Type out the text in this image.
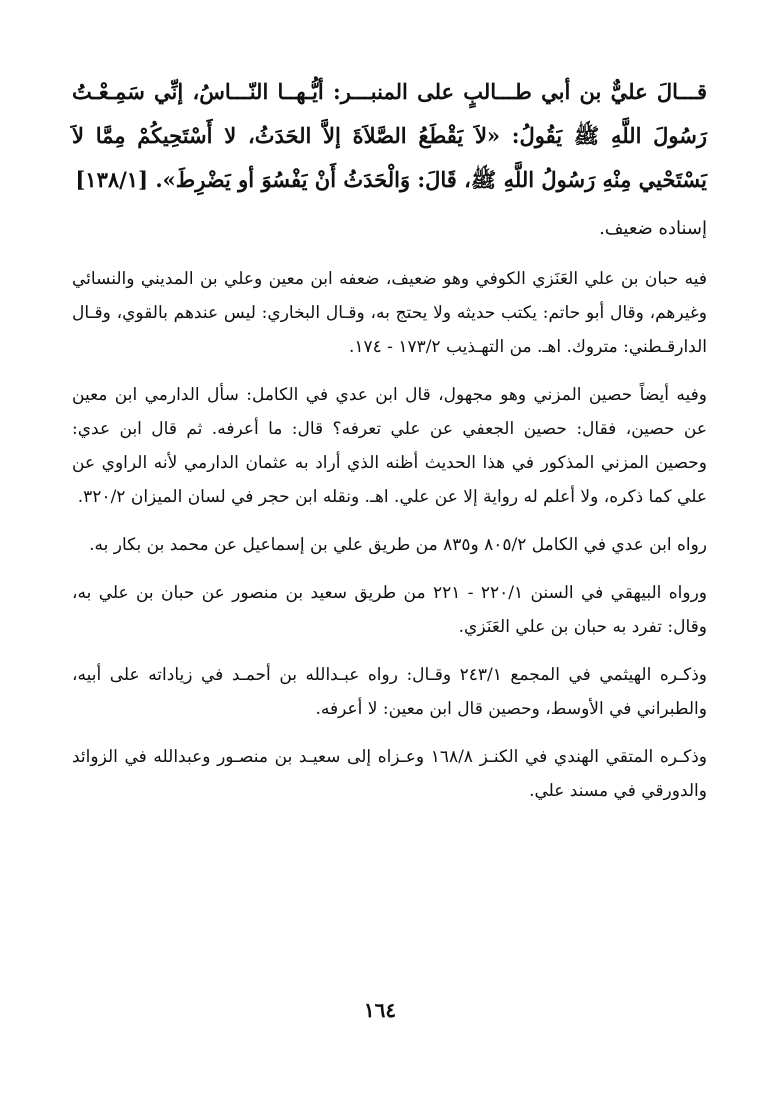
قـــالَ عليٌّ بن أبي طـــالبٍ على المنبـــر: أيُّـهــا النّـــاسُ، إنِّي سَمِـعْـتُ رَسُولَ اللَّهِ ﷺ يَقُولُ: «لاَ يَقْطَعُ الصَّلاَةَ إلاَّ الحَدَثُ، لا أَسْتَحِيكُمْ مِمَّا لاَ يَسْتَحْيي مِنْهِ رَسُولُ اللَّهِ ﷺ، قَالَ: وَالْحَدَثُ أَنْ يَفْسُوَ أو يَضْرِطَ». [١٣٨/١]

إسناده ضعيف.

فيه حبان بن علي العَنَزي الكوفي وهو ضعيف، ضعفه ابن معين وعلي بن المديني والنسائي وغيرهم، وقال أبو حاتم: يكتب حديثه ولا يحتج به، وقـال البخاري: ليس عندهم بالقوي، وقـال الدارقـطني: متروك. اهـ. من التهـذيب ١٧٣/٢ - ١٧٤.

وفيه أيضاً حصين المزني وهو مجهول، قال ابن عدي في الكامل: سأل الدارمي ابن معين عن حصين، فقال: حصين الجعفي عن علي تعرفه؟ قال: ما أعرفه. ثم قال ابن عدي: وحصين المزني المذكور في هذا الحديث أظنه الذي أراد به عثمان الدارمي لأنه الراوي عن علي كما ذكره، ولا أعلم له رواية إلا عن علي. اهـ. ونقله ابن حجر في لسان الميزان ٣٢٠/٢.

رواه ابن عدي في الكامل ٨٠٥/٢ و٨٣٥ من طريق علي بن إسماعيل عن محمد بن بكار به.

ورواه البيهقي في السنن ٢٢٠/١ - ٢٢١ من طريق سعيد بن منصور عن حبان بن علي به، وقال: تفرد به حبان بن علي العَنَزي.

وذكـره الهيثمي في المجمع ٢٤٣/١ وقـال: رواه عبـدالله بن أحمـد في زياداته على أبيه، والطبراني في الأوسط، وحصين قال ابن معين: لا أعرفه.

وذكـره المتقي الهندي في الكنـز ١٦٨/٨ وعـزاه إلى سعيـد بن منصـور وعبدالله في الزوائد والدورقي في مسند علي.

١٦٤
